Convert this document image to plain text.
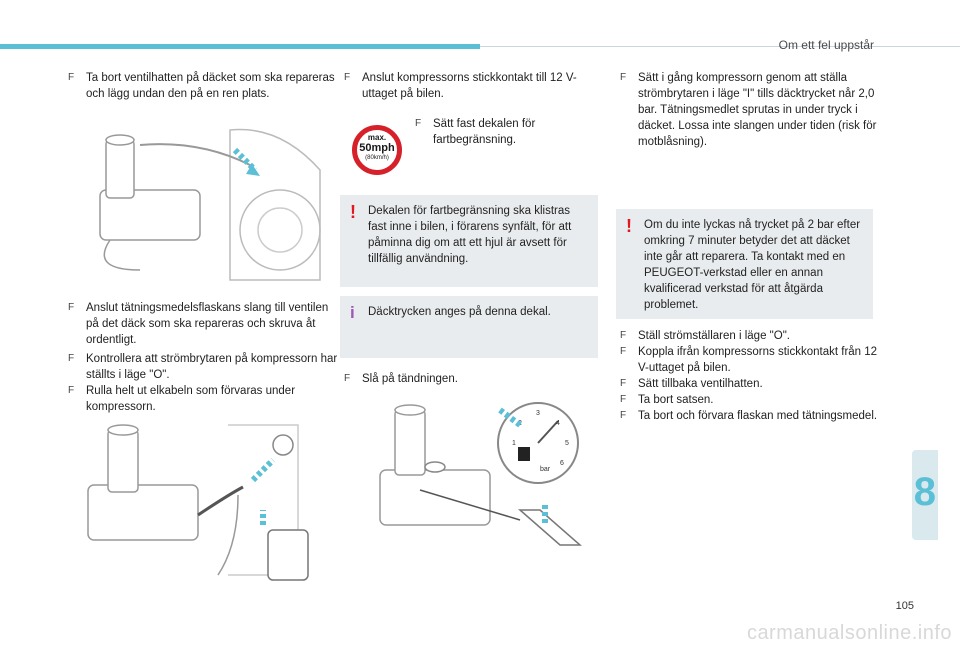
Om ett fel uppstår
F Ta bort ventilhatten på däcket som ska repareras och lägg undan den på en ren plats.
F Anslut tätningsmedelsflaskans slang till ventilen på det däck som ska repareras och skruva åt ordentligt.
F Kontrollera att strömbrytaren på kompressorn har ställts i läge "O".
F Rulla helt ut elkabeln som förvaras under kompressorn.
F Anslut kompressorns stickkontakt till 12 V-uttaget på bilen.
max.
50mph
(80km/h)
F Sätt fast dekalen för fartbegränsning.
! Dekalen för fartbegränsning ska klistras fast inne i bilen, i förarens synfält, för att påminna dig om att ett hjul är avsett för tillfällig användning.
i Däcktrycken anges på denna dekal.
F Slå på tändningen.
1
3
4
5
6
bar
F Sätt i gång kompressorn genom att ställa strömbrytaren i läge "I" tills däcktrycket når 2,0 bar. Tätningsmedlet sprutas in under tryck i däcket. Lossa inte slangen under tiden (risk för motblåsning).
! Om du inte lyckas nå trycket på 2 bar efter omkring 7 minuter betyder det att däcket inte går att reparera. Ta kontakt med en PEUGEOT-verkstad eller en annan kvalificerad verkstad för att åtgärda problemet.
F Ställ strömställaren i läge "O".
F Koppla ifrån kompressorns stickkontakt från 12 V-uttaget på bilen.
F Sätt tillbaka ventilhatten.
F Ta bort satsen.
F Ta bort och förvara flaskan med tätningsmedel.
8
105
carmanualsonline.info
